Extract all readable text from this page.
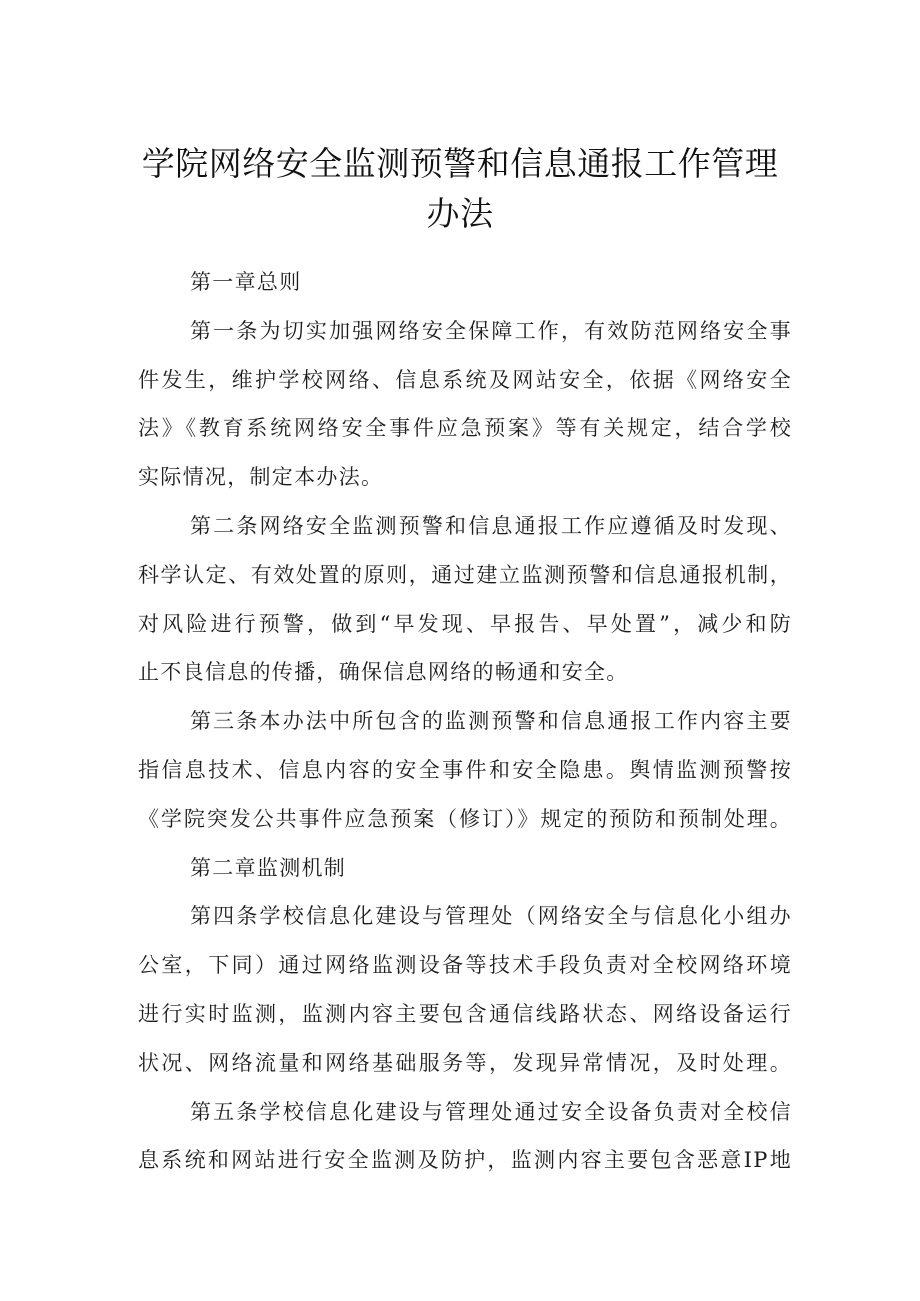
学院网络安全监测预警和信息通报工作管理
办法
第一章总则
第一条为切实加强网络安全保障工作，有效防范网络安全事
件发生，维护学校网络、信息系统及网站安全，依据《网络安全
法》《教育系统网络安全事件应急预案》等有关规定，结合学校
实际情况，制定本办法。
第二条网络安全监测预警和信息通报工作应遵循及时发现、
科学认定、有效处置的原则，通过建立监测预警和信息通报机制，
对风险进行预警，做到“早发现、早报告、早处置”，减少和防
止不良信息的传播，确保信息网络的畅通和安全。
第三条本办法中所包含的监测预警和信息通报工作内容主要
指信息技术、信息内容的安全事件和安全隐患。舆情监测预警按
《学院突发公共事件应急预案（修订）》规定的预防和预制处理。
第二章监测机制
第四条学校信息化建设与管理处（网络安全与信息化小组办
公室，下同）通过网络监测设备等技术手段负责对全校网络环境
进行实时监测，监测内容主要包含通信线路状态、网络设备运行
状况、网络流量和网络基础服务等，发现异常情况，及时处理。
第五条学校信息化建设与管理处通过安全设备负责对全校信
息系统和网站进行安全监测及防护，监测内容主要包含恶意IP地
